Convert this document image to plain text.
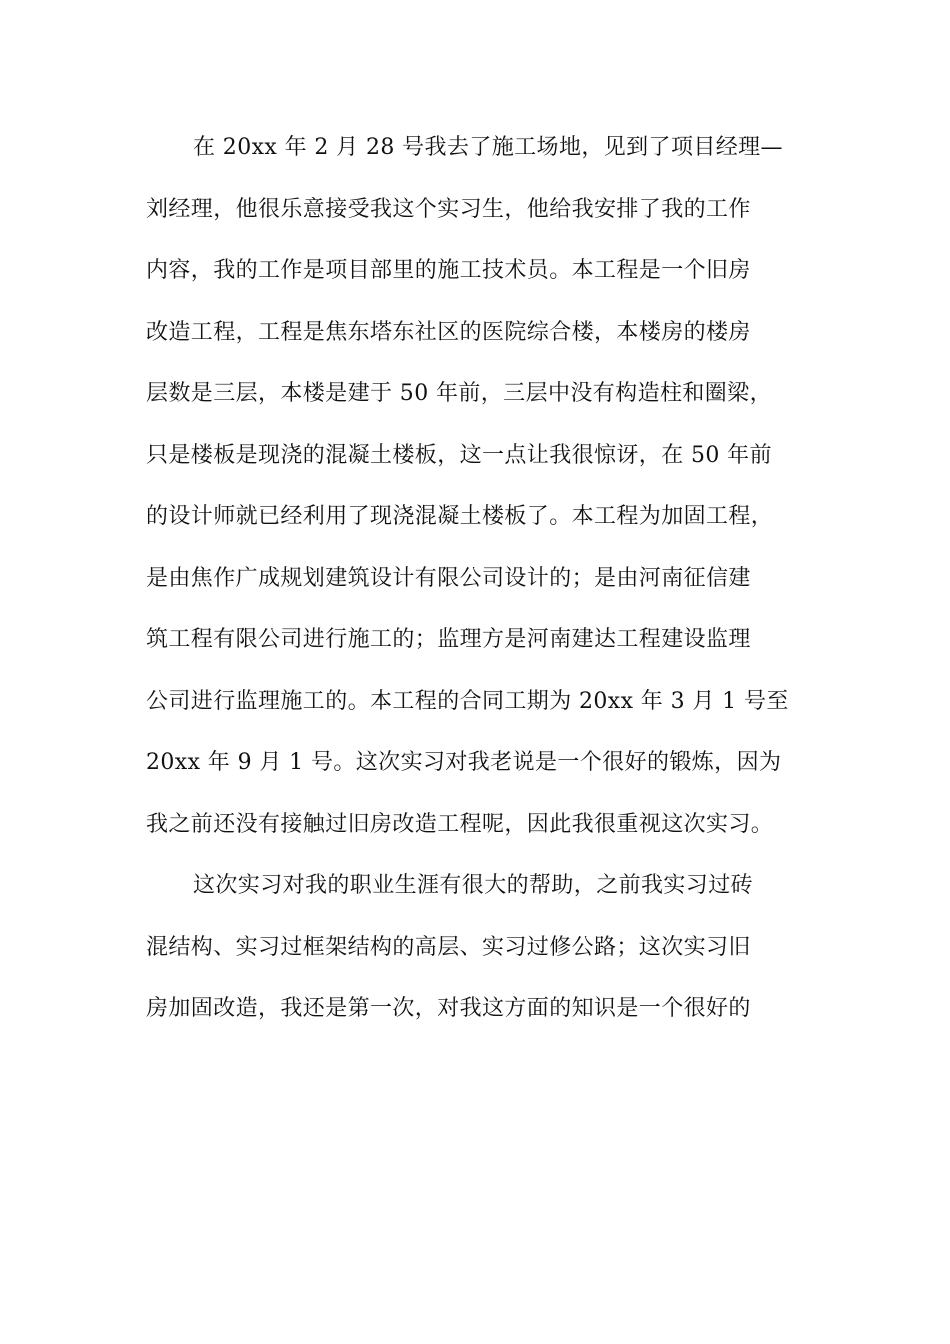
在 20xx 年 2 月 28 号我去了施工场地，见到了项目经理—
刘经理，他很乐意接受我这个实习生，他给我安排了我的工作
内容，我的工作是项目部里的施工技术员。本工程是一个旧房
改造工程，工程是焦东塔东社区的医院综合楼，本楼房的楼房
层数是三层，本楼是建于 50 年前，三层中没有构造柱和圈梁，
只是楼板是现浇的混凝土楼板，这一点让我很惊讶，在 50 年前
的设计师就已经利用了现浇混凝土楼板了。本工程为加固工程，
是由焦作广成规划建筑设计有限公司设计的；是由河南征信建
筑工程有限公司进行施工的；监理方是河南建达工程建设监理
公司进行监理施工的。本工程的合同工期为 20xx 年 3 月 1 号至
20xx 年 9 月 1 号。这次实习对我老说是一个很好的锻炼，因为
我之前还没有接触过旧房改造工程呢，因此我很重视这次实习。
这次实习对我的职业生涯有很大的帮助，之前我实习过砖
混结构、实习过框架结构的高层、实习过修公路；这次实习旧
房加固改造，我还是第一次，对我这方面的知识是一个很好的
